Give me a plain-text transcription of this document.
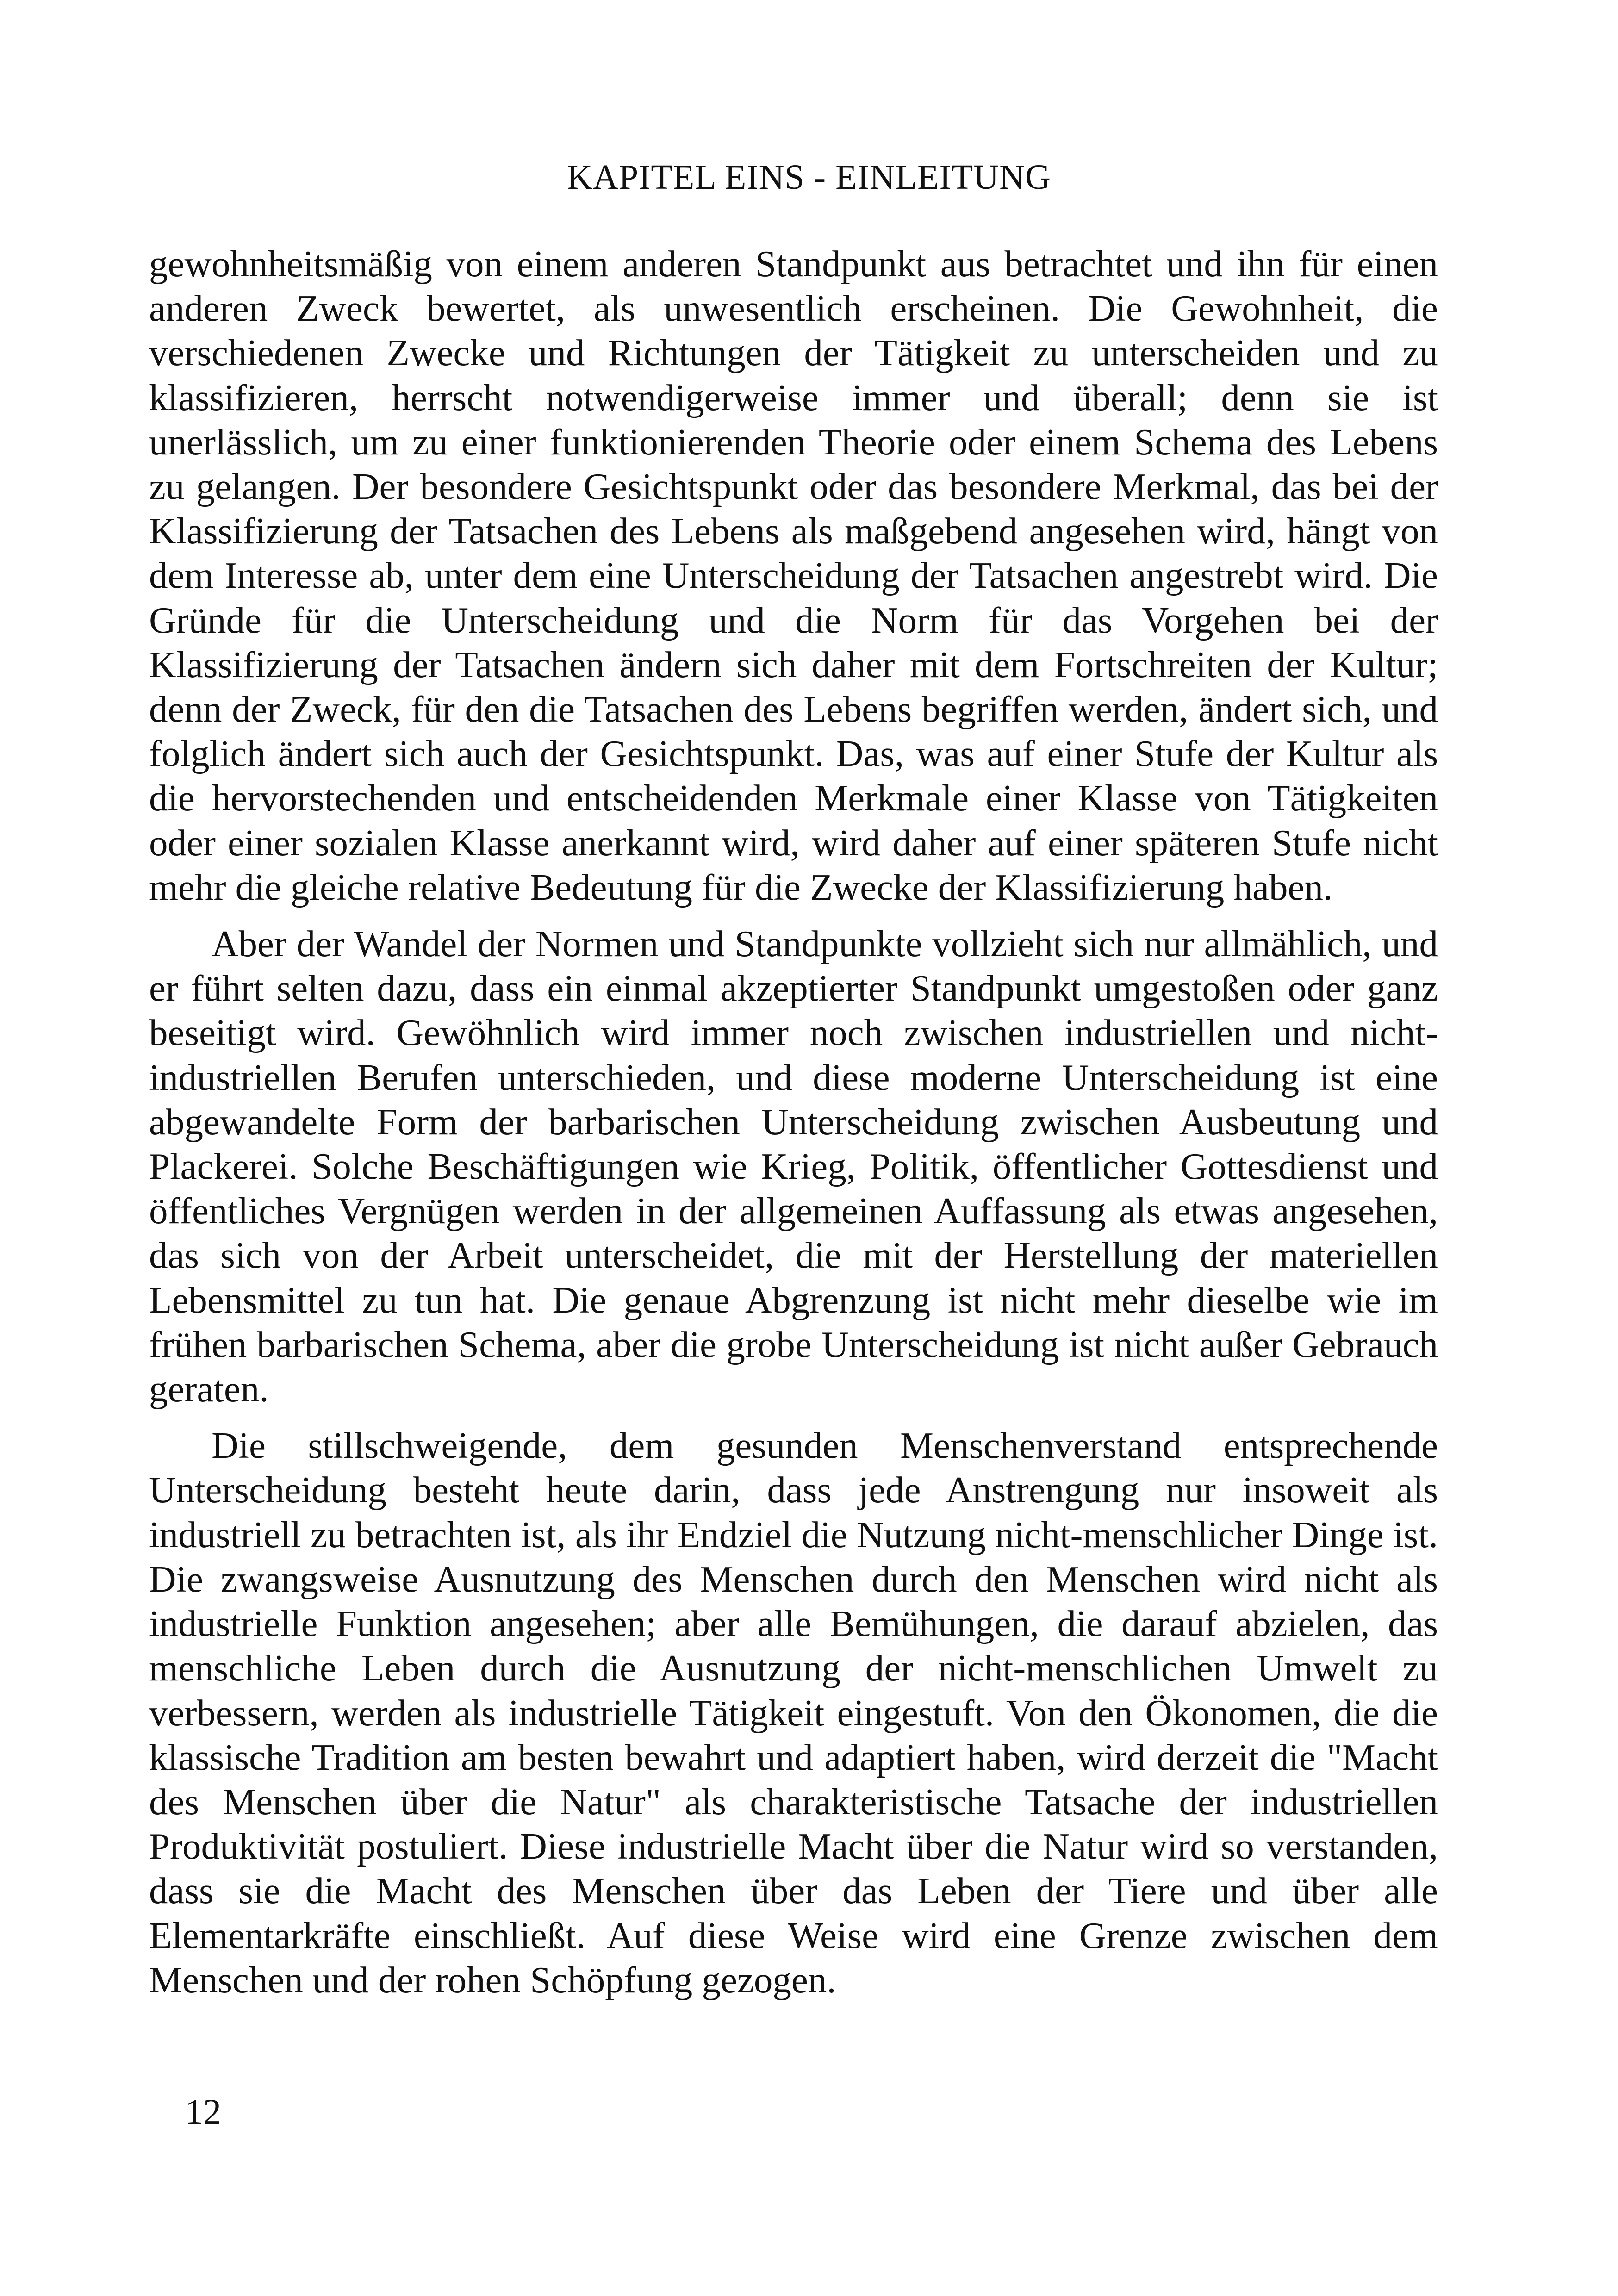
KAPITEL EINS - EINLEITUNG

gewohnheitsmäßig von einem anderen Standpunkt aus betrachtet und ihn für einen anderen Zweck bewertet, als unwesentlich erscheinen. Die Gewohnheit, die verschiedenen Zwecke und Richtungen der Tätigkeit zu unterscheiden und zu klassifizieren, herrscht notwendigerweise immer und überall; denn sie ist unerlässlich, um zu einer funktionierenden Theorie oder einem Schema des Lebens zu gelangen. Der besondere Gesichtspunkt oder das besondere Merkmal, das bei der Klassifizierung der Tatsachen des Lebens als maßgebend angesehen wird, hängt von dem Interesse ab, unter dem eine Unterscheidung der Tatsachen angestrebt wird. Die Gründe für die Unterscheidung und die Norm für das Vorgehen bei der Klassifizierung der Tatsachen ändern sich daher mit dem Fortschreiten der Kultur; denn der Zweck, für den die Tatsachen des Lebens begriffen werden, ändert sich, und folglich ändert sich auch der Gesichtspunkt. Das, was auf einer Stufe der Kultur als die hervorstechenden und entscheidenden Merkmale einer Klasse von Tätigkeiten oder einer sozialen Klasse anerkannt wird, wird daher auf einer späteren Stufe nicht mehr die gleiche relative Bedeutung für die Zwecke der Klassifizierung haben.

Aber der Wandel der Normen und Standpunkte vollzieht sich nur allmählich, und er führt selten dazu, dass ein einmal akzeptierter Standpunkt umgestoßen oder ganz beseitigt wird. Gewöhnlich wird immer noch zwischen industriellen und nicht-industriellen Berufen unterschieden, und diese moderne Unterscheidung ist eine abgewandelte Form der barbarischen Unterscheidung zwischen Ausbeutung und Plackerei. Solche Beschäftigungen wie Krieg, Politik, öffentlicher Gottesdienst und öffentliches Vergnügen werden in der allgemeinen Auffassung als etwas angesehen, das sich von der Arbeit unterscheidet, die mit der Herstellung der materiellen Lebensmittel zu tun hat. Die genaue Abgrenzung ist nicht mehr dieselbe wie im frühen barbarischen Schema, aber die grobe Unterscheidung ist nicht außer Gebrauch geraten.

Die stillschweigende, dem gesunden Menschenverstand entsprechende Unterscheidung besteht heute darin, dass jede Anstrengung nur insoweit als industriell zu betrachten ist, als ihr Endziel die Nutzung nicht-menschlicher Dinge ist. Die zwangsweise Ausnutzung des Menschen durch den Menschen wird nicht als industrielle Funktion angesehen; aber alle Bemühungen, die darauf abzielen, das menschliche Leben durch die Ausnutzung der nicht-menschlichen Umwelt zu verbessern, werden als industrielle Tätigkeit eingestuft. Von den Ökonomen, die die klassische Tradition am besten bewahrt und adaptiert haben, wird derzeit die "Macht des Menschen über die Natur" als charakteristische Tatsache der industriellen Produktivität postuliert. Diese industrielle Macht über die Natur wird so verstanden, dass sie die Macht des Menschen über das Leben der Tiere und über alle Elementarkräfte einschließt. Auf diese Weise wird eine Grenze zwischen dem Menschen und der rohen Schöpfung gezogen.

12
